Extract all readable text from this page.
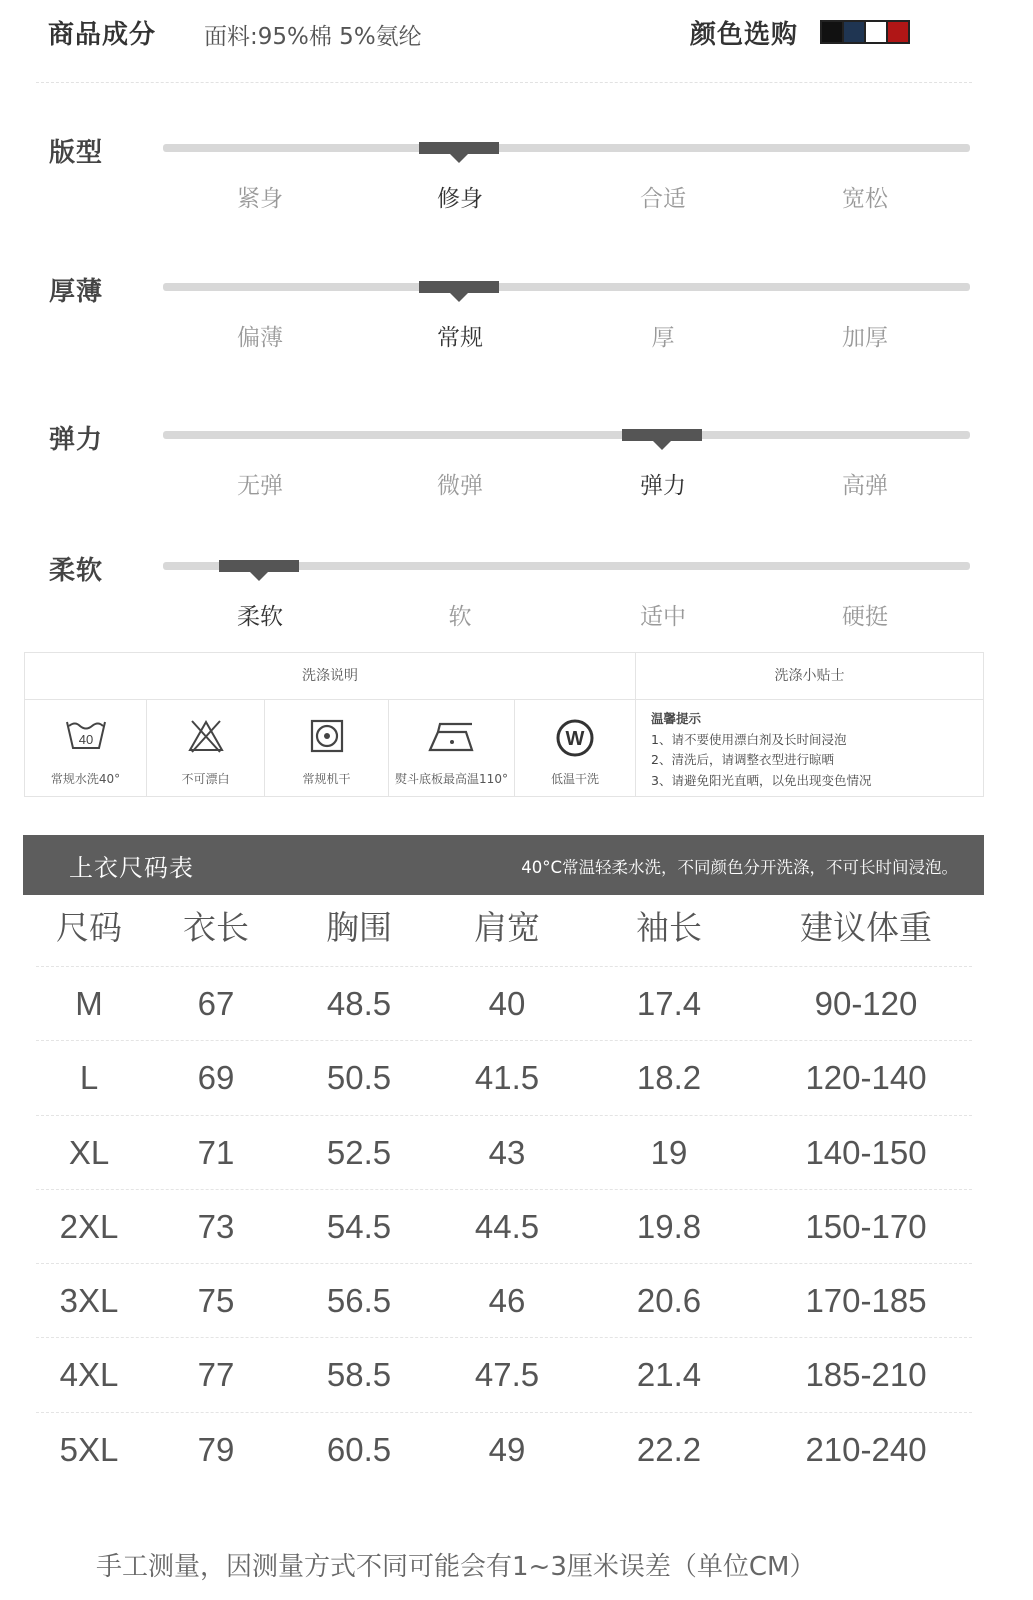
商品成分 面料:95%棉 5%氨纶	颜色选购
版型
紧身	修身	合适	宽松
厚薄
偏薄	常规	厚	加厚
弹力
无弹	微弹	弹力	高弹
柔软
柔软	软	适中	硬挺
洗涤说明	洗涤小贴士
40
常规水洗40°	不可漂白	常规机干	熨斗底板最高温110°
W
低温干洗
温馨提示
1、请不要使用漂白剂及长时间浸泡
2、清洗后，请调整衣型进行晾晒
3、请避免阳光直晒，以免出现变色情况
上衣尺码表	40°C常温轻柔水洗，不同颜色分开洗涤，不可长时间浸泡。
尺码	衣长	胸围	肩宽	袖长	建议体重
M	67	48.5	40	17.4	90-120
L	69	50.5	41.5	18.2	120-140
XL	71	52.5	43	19	140-150
2XL	73	54.5	44.5	19.8	150-170
3XL	75	56.5	46	20.6	170-185
4XL	77	58.5	47.5	21.4	185-210
5XL	79	60.5	49	22.2	210-240
手工测量，因测量方式不同可能会有1~3厘米误差（单位CM）
